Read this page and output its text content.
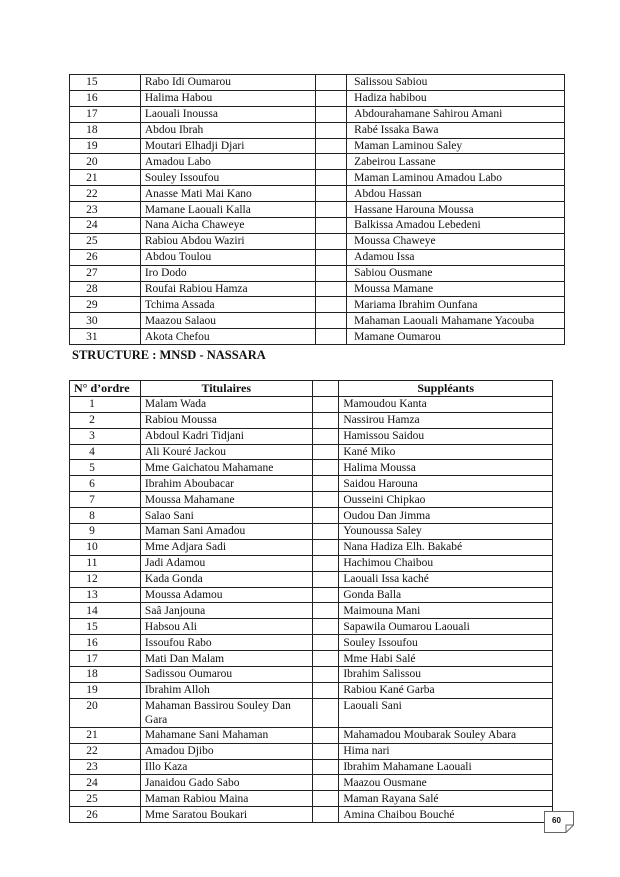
15	Rabo Idi Oumarou		Salissou Sabiou
16	Halima Habou		Hadiza habibou
17	Laouali Inoussa		Abdourahamane Sahirou Amani
18	Abdou Ibrah		Rabé Issaka Bawa
19	Moutari Elhadji Djari		Maman Laminou Saley
20	Amadou Labo		Zabeirou Lassane
21	Souley Issoufou		Maman Laminou Amadou Labo
22	Anasse Mati Mai Kano		Abdou Hassan
23	Mamane Laouali Kalla		Hassane Harouna Moussa
24	Nana Aicha Chaweye		Balkissa Amadou Lebedeni
25	Rabiou Abdou Waziri		Moussa Chaweye
26	Abdou Toulou		Adamou Issa
27	Iro Dodo		Sabiou Ousmane
28	Roufai Rabiou Hamza		Moussa Mamane
29	Tchima Assada		Mariama Ibrahim Ounfana
30	Maazou Salaou		Mahaman Laouali Mahamane Yacouba
31	Akota Chefou		Mamane Oumarou
STRUCTURE : MNSD - NASSARA
N° d’ordre	Titulaires		Suppléants
1	Malam Wada		Mamoudou Kanta
2	Rabiou Moussa		Nassirou Hamza
3	Abdoul Kadri Tidjani		Hamissou Saidou
4	Ali Kouré Jackou		Kané Miko
5	Mme Gaichatou Mahamane		Halima Moussa
6	Ibrahim Aboubacar		Saidou Harouna
7	Moussa Mahamane		Ousseini Chipkao
8	Salao Sani		Oudou Dan Jimma
9	Maman Sani Amadou		Younoussa Saley
10	Mme Adjara Sadi		Nana Hadiza Elh. Bakabé
11	Jadi Adamou		Hachimou Chaibou
12	Kada Gonda		Laouali Issa kaché
13	Moussa Adamou		Gonda Balla
14	Saâ Janjouna		Maimouna Mani
15	Habsou Ali		Sapawila Oumarou Laouali
16	Issoufou Rabo		Souley Issoufou
17	Mati Dan Malam		Mme Habi Salé
18	Sadissou Oumarou		Ibrahim Salissou
19	Ibrahim Alloh		Rabiou Kané Garba
20	Mahaman Bassirou Souley Dan Gara		Laouali Sani
21	Mahamane Sani Mahaman		Mahamadou Moubarak Souley Abara
22	Amadou Djibo		Hima nari
23	Illo Kaza		Ibrahim Mahamane Laouali
24	Janaidou Gado Sabo		Maazou Ousmane
25	Maman Rabiou Maina		Maman Rayana Salé
26	Mme Saratou Boukari		Amina Chaibou Bouché	60
